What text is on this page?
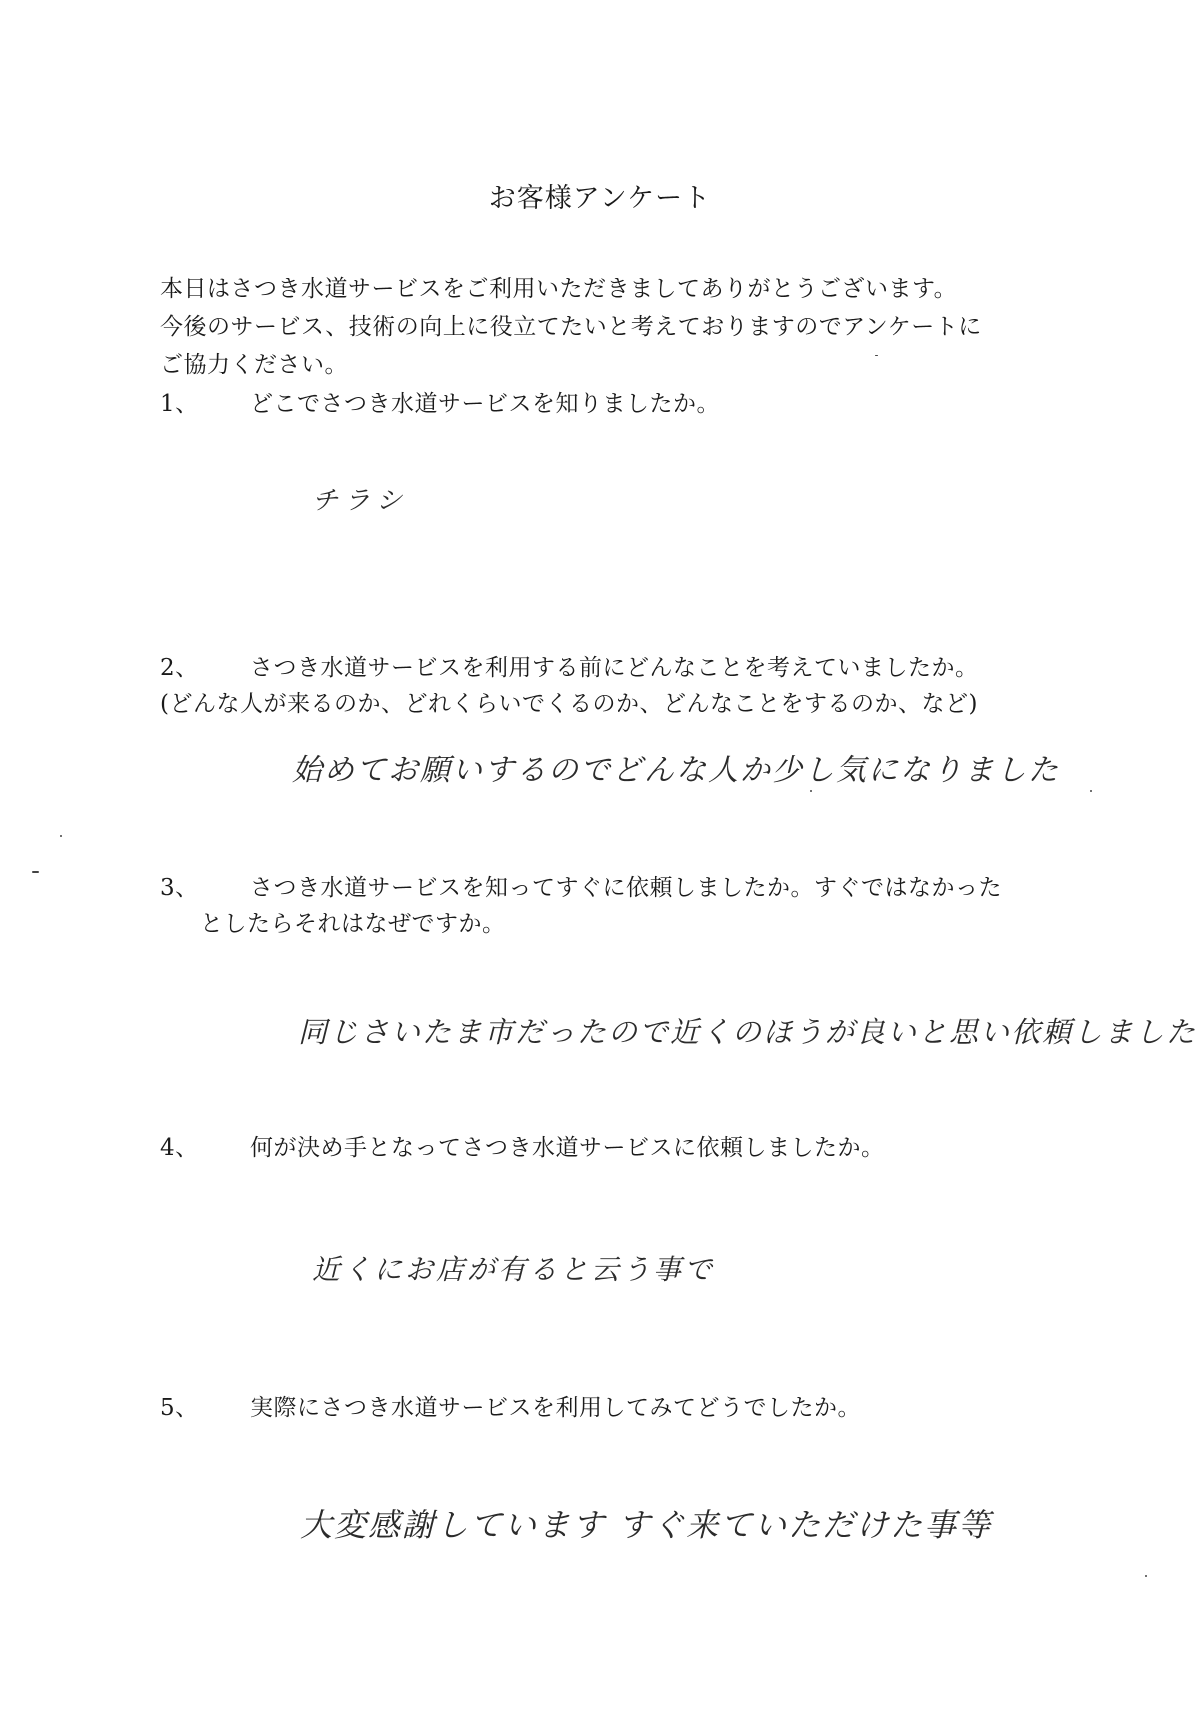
お客様アンケート
本日はさつき水道サービスをご利用いただきましてありがとうございます。
今後のサービス、技術の向上に役立てたいと考えておりますのでアンケートに
ご協力ください。
1、	どこでさつき水道サービスを知りましたか。
チラシ
2、	さつき水道サービスを利用する前にどんなことを考えていましたか。
(どんな人が来るのか、どれくらいでくるのか、どんなことをするのか、など)
始めてお願いするのでどんな人か少し気になりました
3、	さつき水道サービスを知ってすぐに依頼しましたか。すぐではなかった
としたらそれはなぜですか。
同じさいたま市だったので近くのほうが良いと思い依頼しました
4、	何が決め手となってさつき水道サービスに依頼しましたか。
近くにお店が有ると云う事で
5、	実際にさつき水道サービスを利用してみてどうでしたか。
大変感謝しています すぐ来ていただけた事等
